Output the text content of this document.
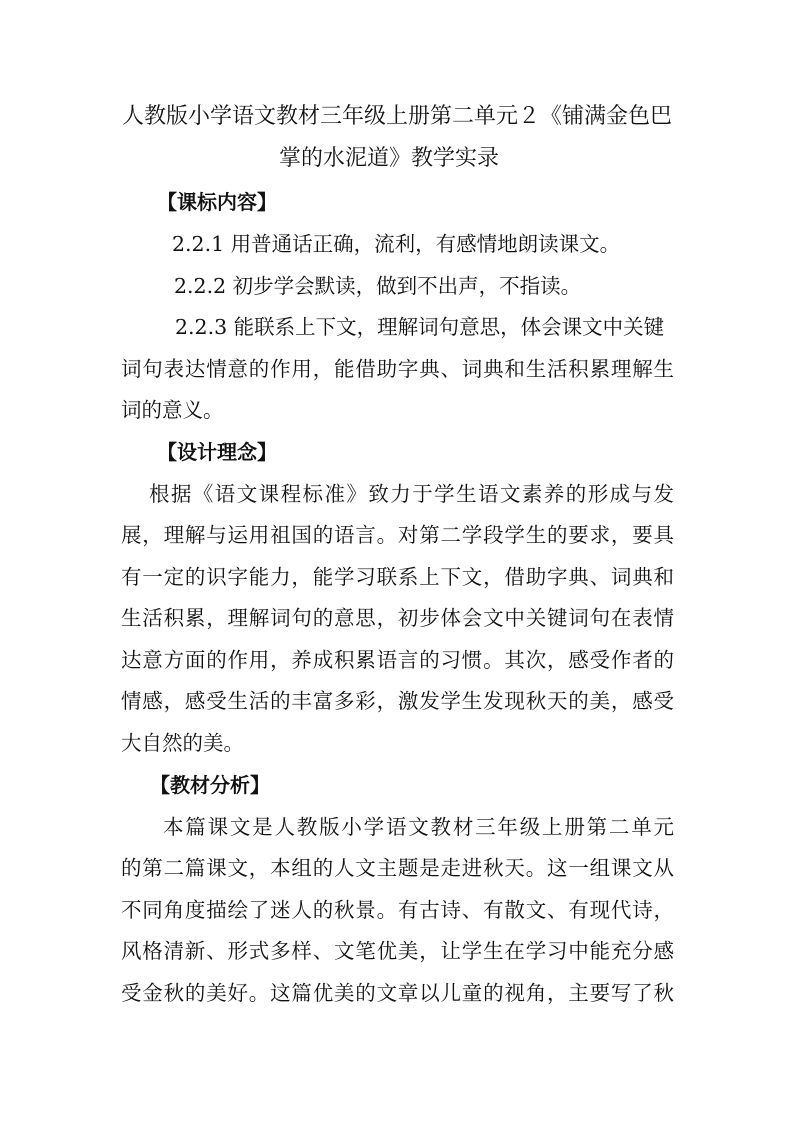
人教版小学语文教材三年级上册第二单元２《铺满金色巴
掌的水泥道》教学实录
【课标内容】
2.2.1 用普通话正确，流利，有感情地朗读课文。
2.2.2 初步学会默读，做到不出声，不指读。
2.2.3 能联系上下文，理解词句意思，体会课文中关键
词句表达情意的作用，能借助字典、词典和生活积累理解生
词的意义。
【设计理念】
根据《语文课程标准》致力于学生语文素养的形成与发
展，理解与运用祖国的语言。对第二学段学生的要求，要具
有一定的识字能力，能学习联系上下文，借助字典、词典和
生活积累，理解词句的意思，初步体会文中关键词句在表情
达意方面的作用，养成积累语言的习惯。其次，感受作者的
情感，感受生活的丰富多彩，激发学生发现秋天的美，感受
大自然的美。
【教材分析】
本篇课文是人教版小学语文教材三年级上册第二单元
的第二篇课文，本组的人文主题是走进秋天。这一组课文从
不同角度描绘了迷人的秋景。有古诗、有散文、有现代诗，
风格清新、形式多样、文笔优美，让学生在学习中能充分感
受金秋的美好。这篇优美的文章以儿童的视角，主要写了秋
